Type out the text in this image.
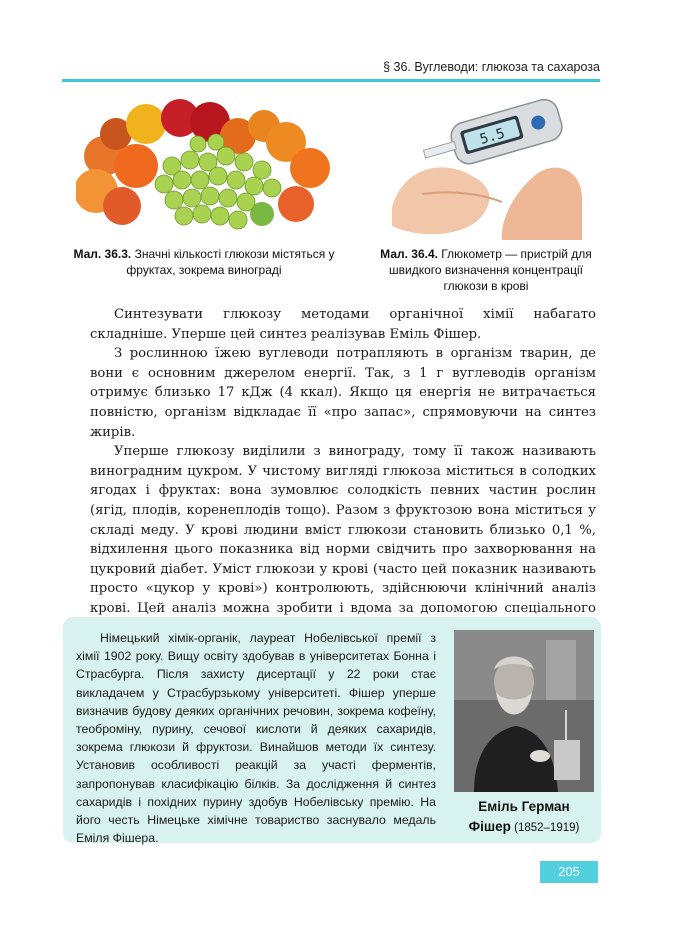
§ 36. Вуглеводи: глюкоза та сахароза
5.5
Мал. 36.3. Значні кількості глюкози містяться у фруктах, зокрема винограді
Мал. 36.4. Глюкометр — пристрій для швидкого визначення концентрації глюкози в крові

Синтезувати глюкозу методами органічної хімії набагато складніше. Уперше цей синтез реалізував Еміль Фішер.

З рослинною їжею вуглеводи потрапляють в організм тварин, де вони є основним джерелом енергії. Так, з 1 г вуглеводів організм отримує близько 17 кДж (4 ккал). Якщо ця енергія не витрачається повністю, організм відкладає її «про запас», спрямовуючи на синтез жирів.

Уперше глюкозу виділили з винограду, тому її також називають виноградним цукром. У чистому вигляді глюкоза міститься в солодких ягодах і фруктах: вона зумовлює солодкість певних частин рослин (ягід, плодів, коренеплодів тощо). Разом з фруктозою вона міститься у складі меду. У крові людини вміст глюкози становить близько 0,1 %, відхилення цього показника від норми свідчить про захворювання на цукровий діабет. Уміст глюкози у крові (часто цей показник називають просто «цукор у крові») контролюють, здійснюючи клінічний аналіз крові. Цей аналіз можна зробити і вдома за допомогою спеціального

Німецький хімік-органік, лауреат Нобелівської премії з хімії 1902 року. Вищу освіту здобував в університетах Бонна і Страсбурга. Після захисту дисертації у 22 роки стає викладачем у Страсбурзькому університеті. Фішер уперше визначив будову деяких органічних речовин, зокрема кофеїну, теоброміну, пурину, сечової кислоти й деяких сахаридів, зокрема глюкози й фруктози. Винайшов методи їх синтезу. Установив особливості реакцій за участі ферментів, запропонував класифікацію білків. За дослідження й синтез сахаридів і похідних пурину здобув Нобелівську премію. На його честь Німецьке хімічне товариство заснувало медаль Еміля Фішера.

Еміль Герман
Фішер (1852–1919)
205
